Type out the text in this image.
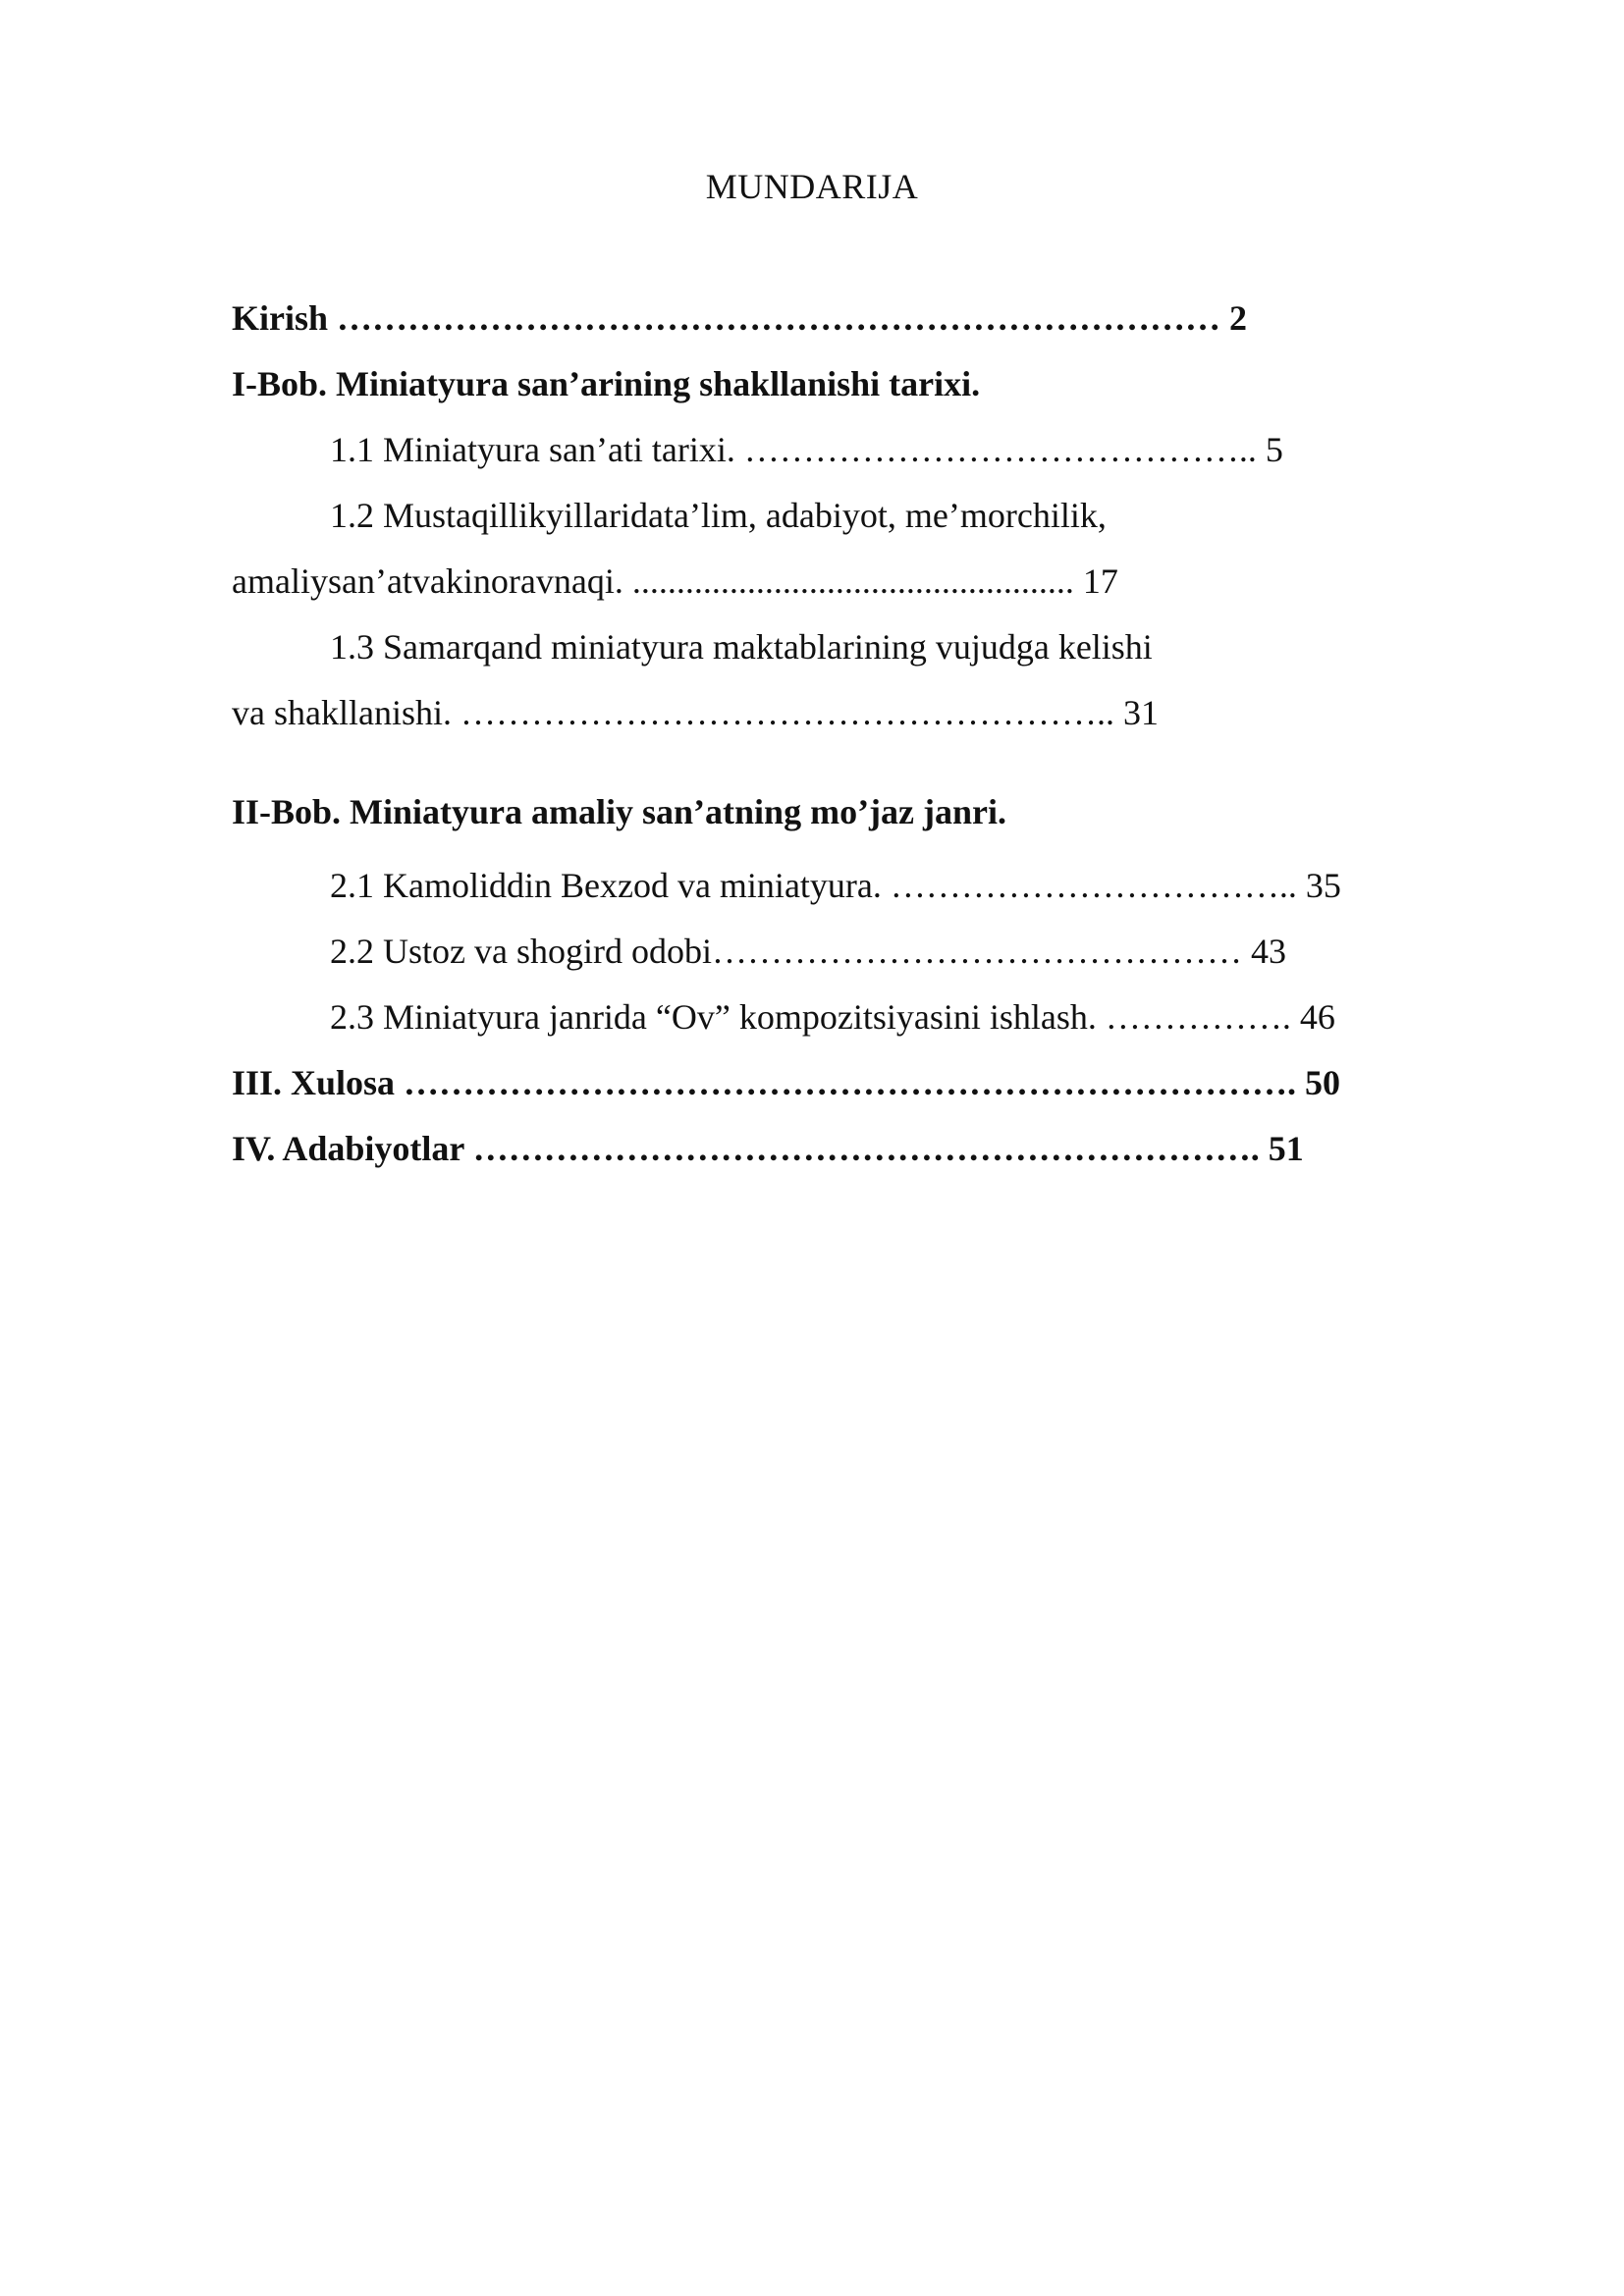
MUNDARIJA
Kirish ………………………………………………………………… 2
I-Bob. Miniatyura san’arining shakllanishi tarixi.
1.1 Miniatyura san’ati tarixi. …………………………………….. 5
1.2 Mustaqillikyillaridata’lim, adabiyot, me’morchilik,
amaliysan’atvakinoravnaqi. .................................................. 17
1.3 Samarqand miniatyura maktablarining vujudga kelishi
va shakllanishi. ……………………………………………….. 31
II-Bob. Miniatyura amaliy san’atning mo’jaz janri.
2.1 Kamoliddin Bexzod va miniatyura. …………………………….. 35
2.2 Ustoz va shogird odobi……………………………………… 43
2.3 Miniatyura janrida “Ov” kompozitsiyasini ishlash. ……………. 46
III. Xulosa …………………………………………………………………. 50
IV. Adabiyotlar …………………………………………………………. 51
